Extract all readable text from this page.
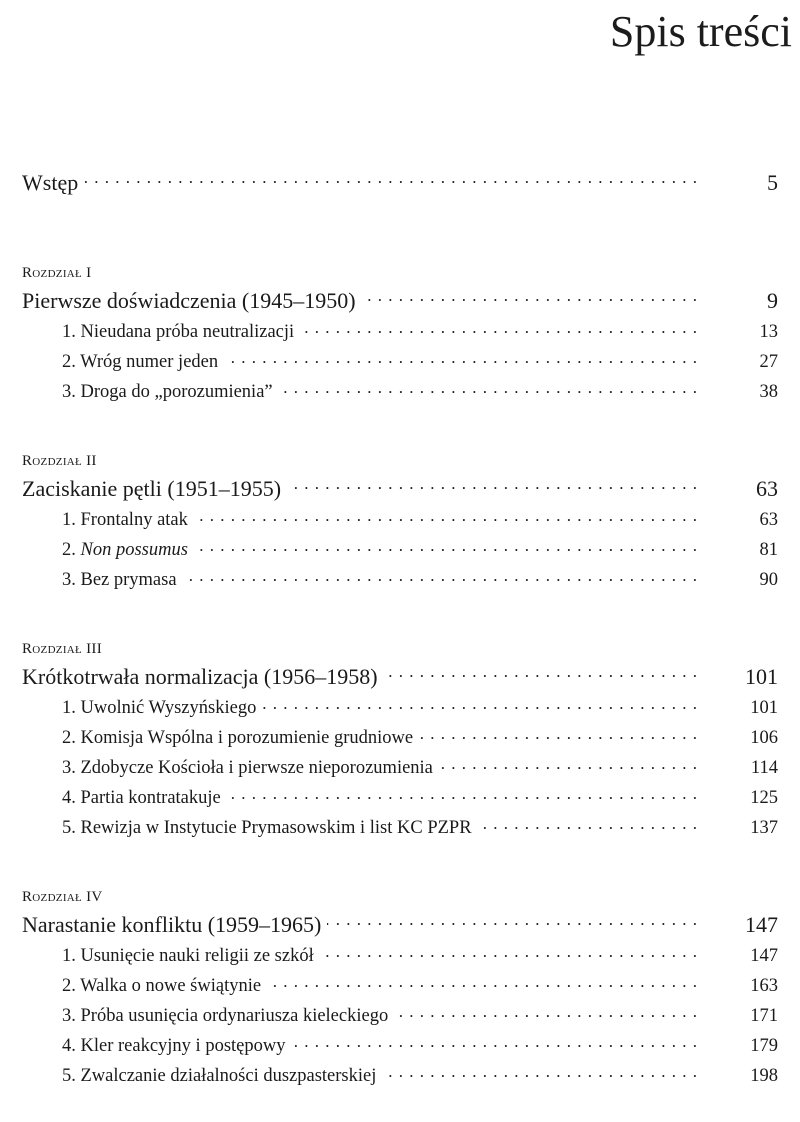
Spis treści
Wstęp . . .	5
Rozdział I
Pierwsze doświadczenia (1945–1950) . . .	9
1. Nieudana próba neutralizacji . . .	13
2. Wróg numer jeden . . .	27
3. Droga do „porozumienia” . . .	38
Rozdział II
Zaciskanie pętli (1951–1955) . . .	63
1. Frontalny atak . . .	63
2. Non possumus . . .	81
3. Bez prymasa . . .	90
Rozdział III
Krótkotrwała normalizacja (1956–1958) . . .	101
1. Uwolnić Wyszyńskiego . . .	101
2. Komisja Wspólna i porozumienie grudniowe . . .	106
3. Zdobycze Kościoła i pierwsze nieporozumienia . . .	114
4. Partia kontratakuje . . .	125
5. Rewizja w Instytucie Prymasowskim i list KC PZPR . . .	137
Rozdział IV
Narastanie konfliktu (1959–1965) . . .	147
1. Usunięcie nauki religii ze szkół . . .	147
2. Walka o nowe świątynie . . .	163
3. Próba usunięcia ordynariusza kieleckiego . . .	171
4. Kler reakcyjny i postępowy . . .	179
5. Zwalczanie działalności duszpasterskiej . . .	198
